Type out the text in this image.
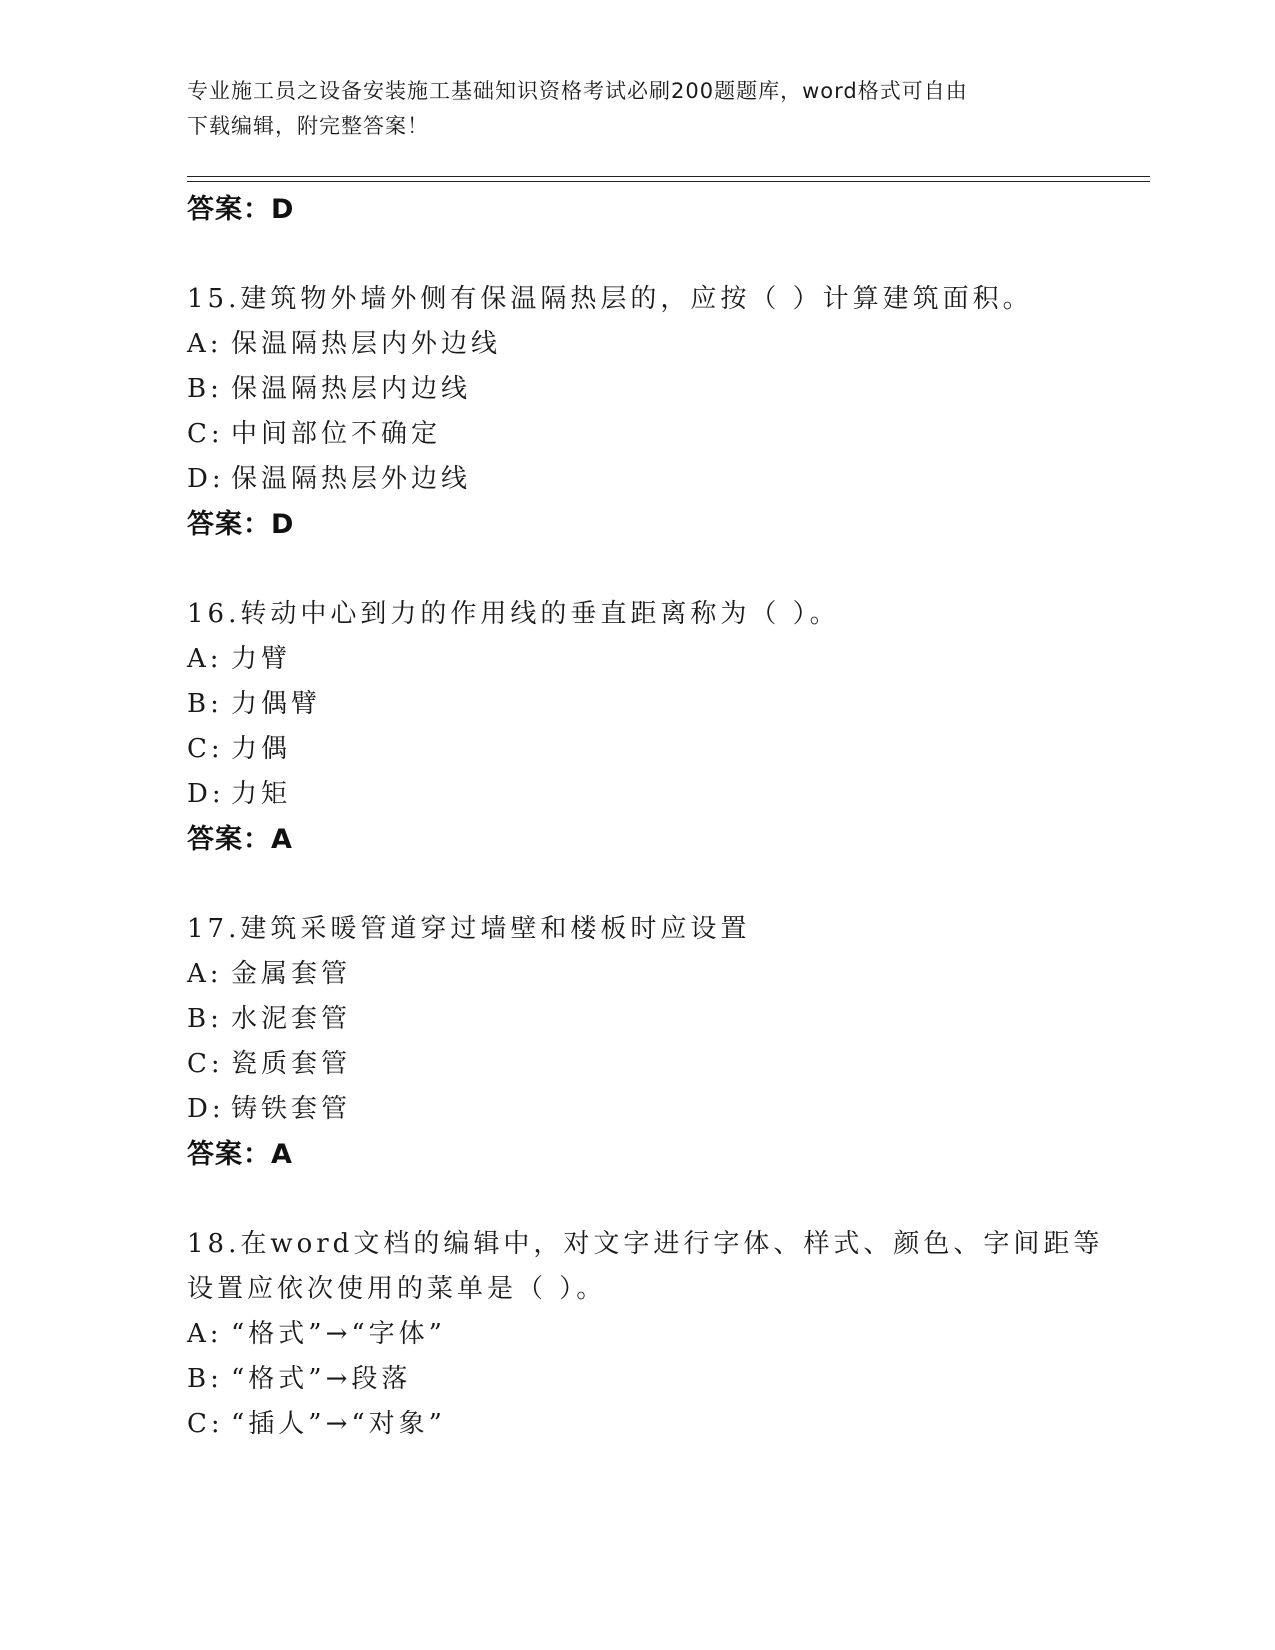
专业施工员之设备安装施工基础知识资格考试必刷200题题库，word格式可自由
下载编辑，附完整答案！
答案：D
15.建筑物外墙外侧有保温隔热层的，应按（ ）计算建筑面积。
A: 保温隔热层内外边线
B: 保温隔热层内边线
C: 中间部位不确定
D: 保温隔热层外边线
答案：D
16.转动中心到力的作用线的垂直距离称为（ ）。
A: 力臂
B: 力偶臂
C: 力偶
D: 力矩
答案：A
17.建筑采暖管道穿过墙壁和楼板时应设置
A: 金属套管
B: 水泥套管
C: 瓷质套管
D: 铸铁套管
答案：A
18.在word文档的编辑中，对文字进行字体、样式、颜色、字间距等
设置应依次使用的菜单是（ ）。
A: “格式”→“字体”
B: “格式”→段落
C: “插人”→“对象”
